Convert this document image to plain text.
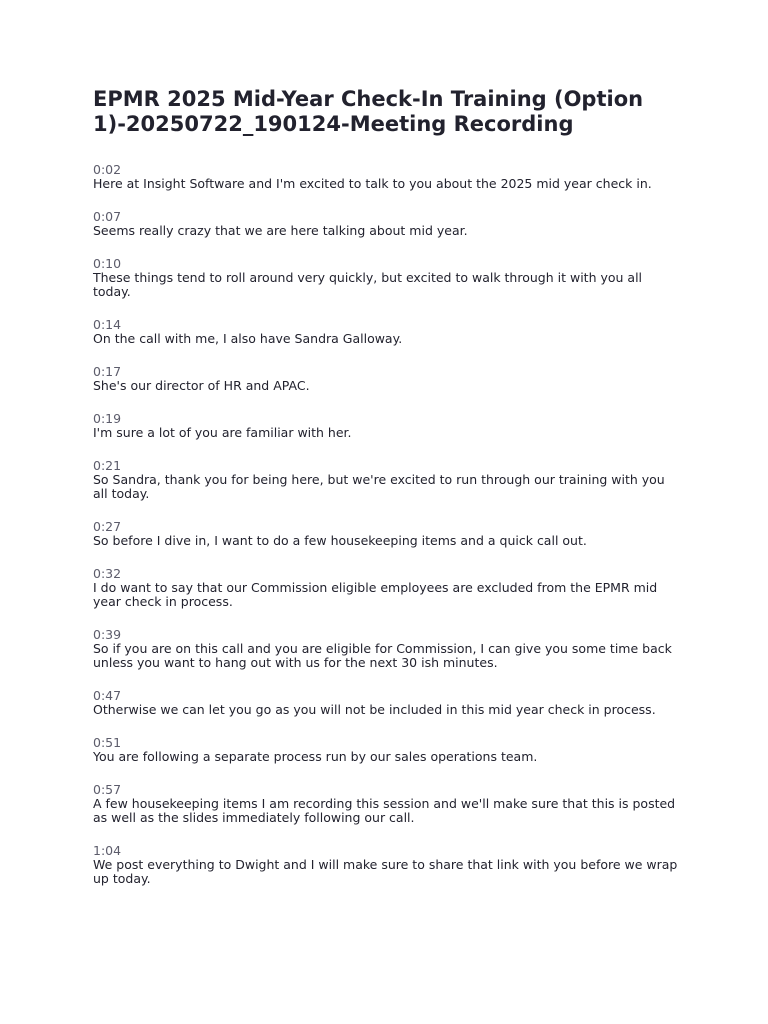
EPMR 2025 Mid-Year Check-In Training (Option 1)-20250722_190124-Meeting Recording
0:02
Here at Insight Software and I'm excited to talk to you about the 2025 mid year check in.
0:07
Seems really crazy that we are here talking about mid year.
0:10
These things tend to roll around very quickly, but excited to walk through it with you all today.
0:14
On the call with me, I also have Sandra Galloway.
0:17
She's our director of HR and APAC.
0:19
I'm sure a lot of you are familiar with her.
0:21
So Sandra, thank you for being here, but we're excited to run through our training with you all today.
0:27
So before I dive in, I want to do a few housekeeping items and a quick call out.
0:32
I do want to say that our Commission eligible employees are excluded from the EPMR mid year check in process.
0:39
So if you are on this call and you are eligible for Commission, I can give you some time back unless you want to hang out with us for the next 30 ish minutes.
0:47
Otherwise we can let you go as you will not be included in this mid year check in process.
0:51
You are following a separate process run by our sales operations team.
0:57
A few housekeeping items I am recording this session and we'll make sure that this is posted as well as the slides immediately following our call.
1:04
We post everything to Dwight and I will make sure to share that link with you before we wrap up today.
